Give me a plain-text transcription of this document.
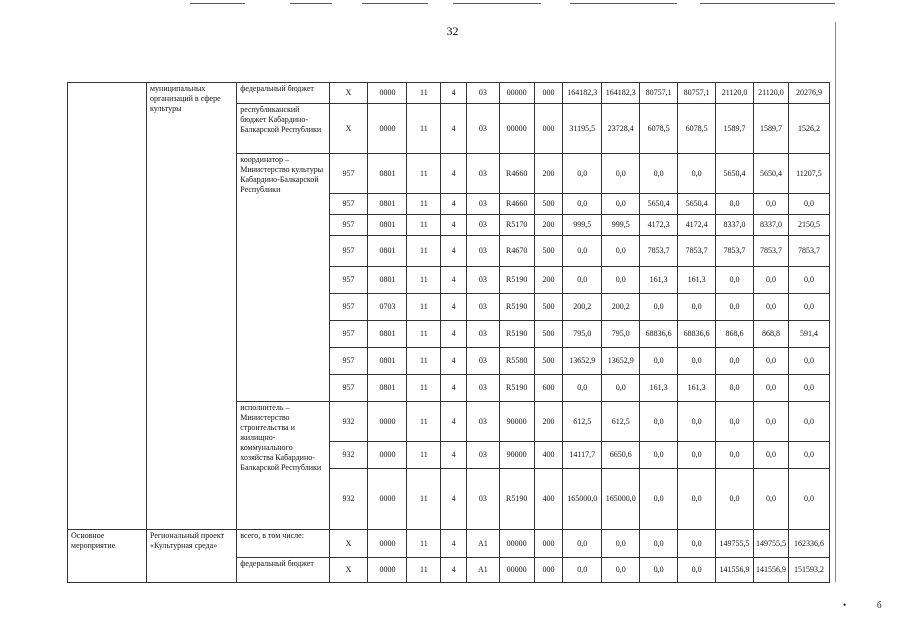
32
	муниципальных организаций в сфере культуры	федеральный бюджет	Х	0000	11	4	03	00000	000	164182,3	164182,3	80757,1	80757,1	21120,0	21120,0	20276,9
		республиканский бюджет Кабардино-Балкарской Республики	Х	0000	11	4	03	00000	000	31195,5	23728,4	6078,5	6078,5	1589,7	1589,7	1526,2
		координатор – Министерство культуры Кабардино-Балкарской Республики	957	0801	11	4	03	R4660	200	0,0	0,0	0,0	0,0	5650,4	5650,4	11207,5
			957	0801	11	4	03	R4660	500	0,0	0,0	5650,4	5650,4	0,0	0,0	0,0
			957	0801	11	4	03	R5170	200	999,5	999,5	4172,3	4172,4	8337,0	8337,0	2150,5
			957	0801	11	4	03	R4670	500	0,0	0,0	7853,7	7853,7	7853,7	7853,7	7853,7
			957	0801	11	4	03	R5190	200	0,0	0,0	161,3	161,3	0,0	0,0	0,0
			957	0703	11	4	03	R5190	500	200,2	200,2	0,0	0,0	0,0	0,0	0,0
			957	0801	11	4	03	R5190	500	795,0	795,0	68836,6	68836,6	868,6	868,8	591,4
			957	0801	11	4	03	R5580	500	13652,9	13652,9	0,0	0,0	0,0	0,0	0,0
			957	0801	11	4	03	R5190	600	0,0	0,0	161,3	161,3	0,0	0,0	0,0
		исполнитель – Министерство строительства и жилищно-коммунального хозяйства Кабардино-Балкарской Республики	932	0000	11	4	03	90000	200	612,5	612,5	0,0	0,0	0,0	0,0	0,0
			932	0000	11	4	03	90000	400	14117,7	6650,6	0,0	0,0	0,0	0,0	0,0
			932	0000	11	4	03	R5190	400	165000,0	165000,0	0,0	0,0	0,0	0,0	0,0
Основное мероприятие	Региональный проект «Культурная среда»	всего, в том числе:	Х	0000	11	4	А1	00000	000	0,0	0,0	0,0	0,0	149755,5	149755,5	162336,6
		федеральный бюджет	Х	0000	11	4	А1	00000	000	0,0	0,0	0,0	0,0	141556,9	141556,9	151593,2
•	б
